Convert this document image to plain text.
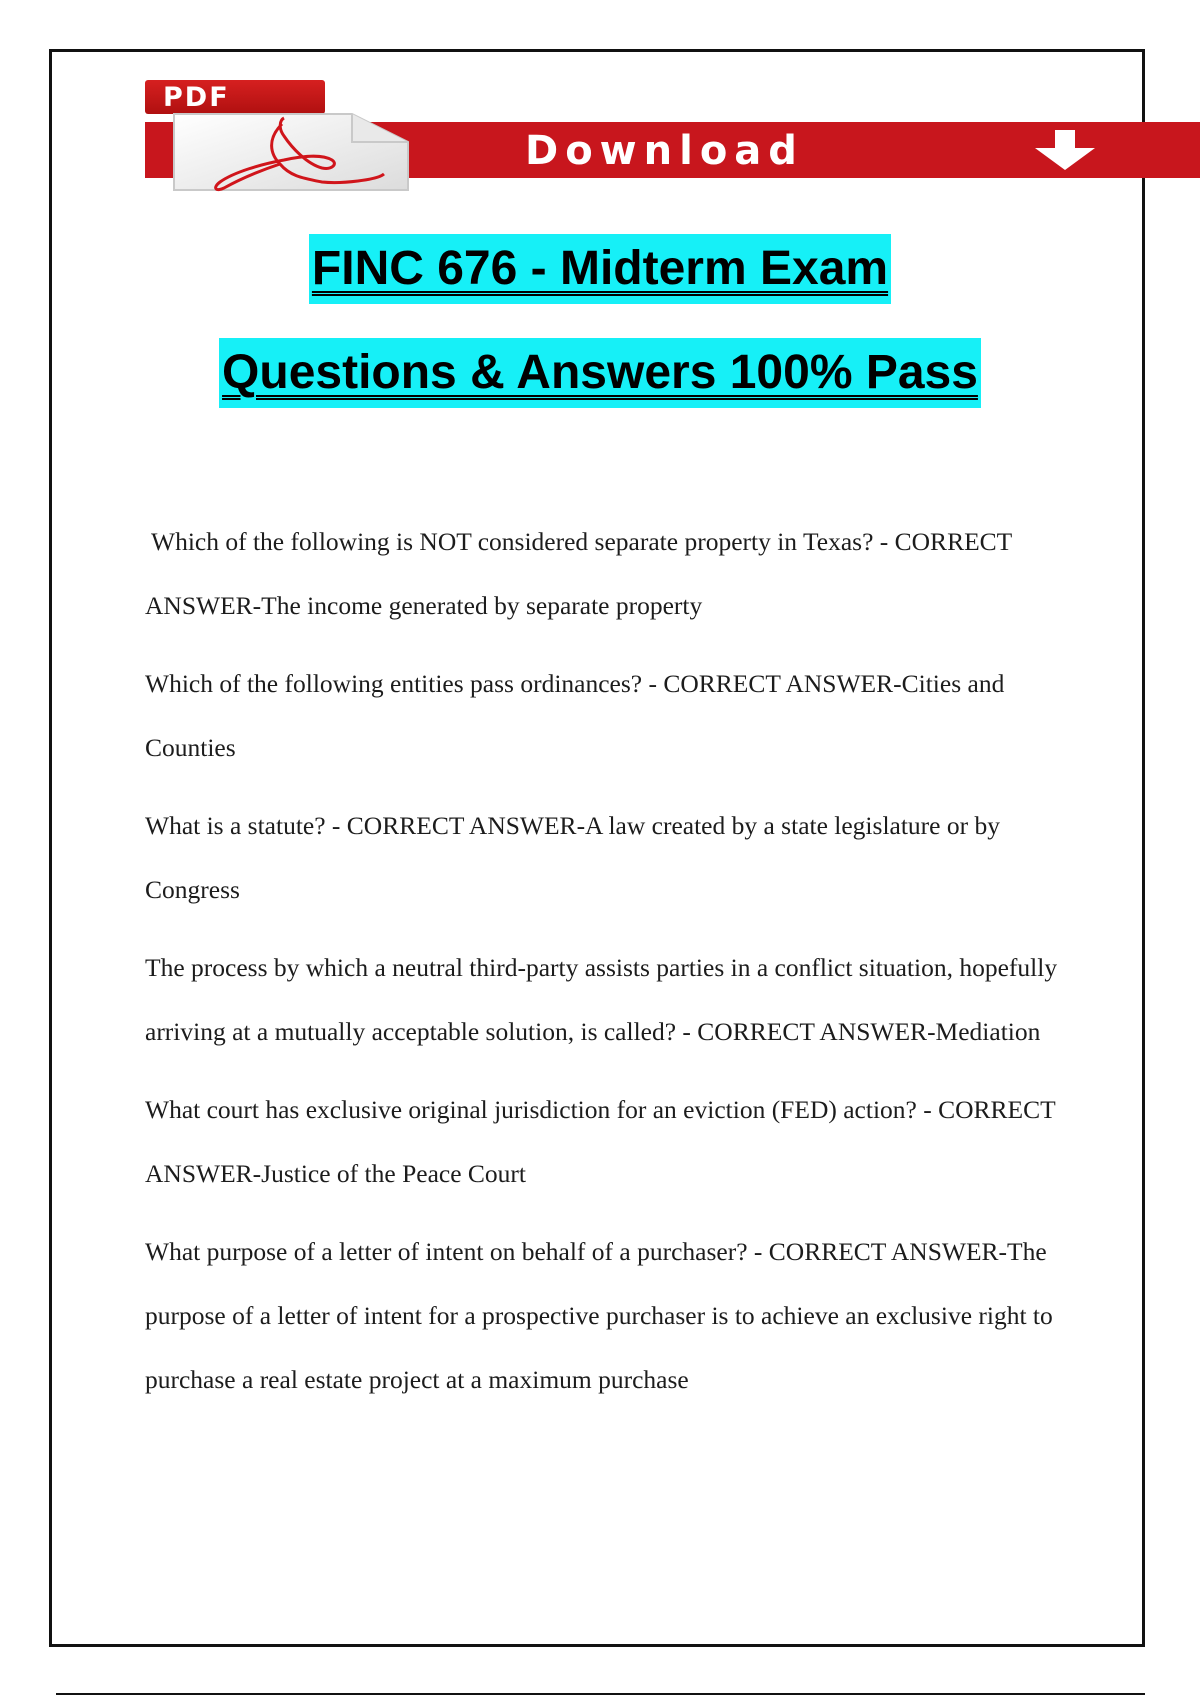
Download
PDF
FINC 676 - Midterm Exam
Questions & Answers 100% Pass

Which of the following is NOT considered separate property in Texas? - CORRECT ANSWER-The income generated by separate property

Which of the following entities pass ordinances? - CORRECT ANSWER-Cities and Counties

What is a statute? - CORRECT ANSWER-A law created by a state legislature or by Congress

The process by which a neutral third-party assists parties in a conflict situation, hopefully arriving at a mutually acceptable solution, is called? - CORRECT ANSWER-Mediation

What court has exclusive original jurisdiction for an eviction (FED) action? - CORRECT ANSWER-Justice of the Peace Court

What purpose of a letter of intent on behalf of a purchaser? - CORRECT ANSWER-The purpose of a letter of intent for a prospective purchaser is to achieve an exclusive right to purchase a real estate project at a maximum purchase
